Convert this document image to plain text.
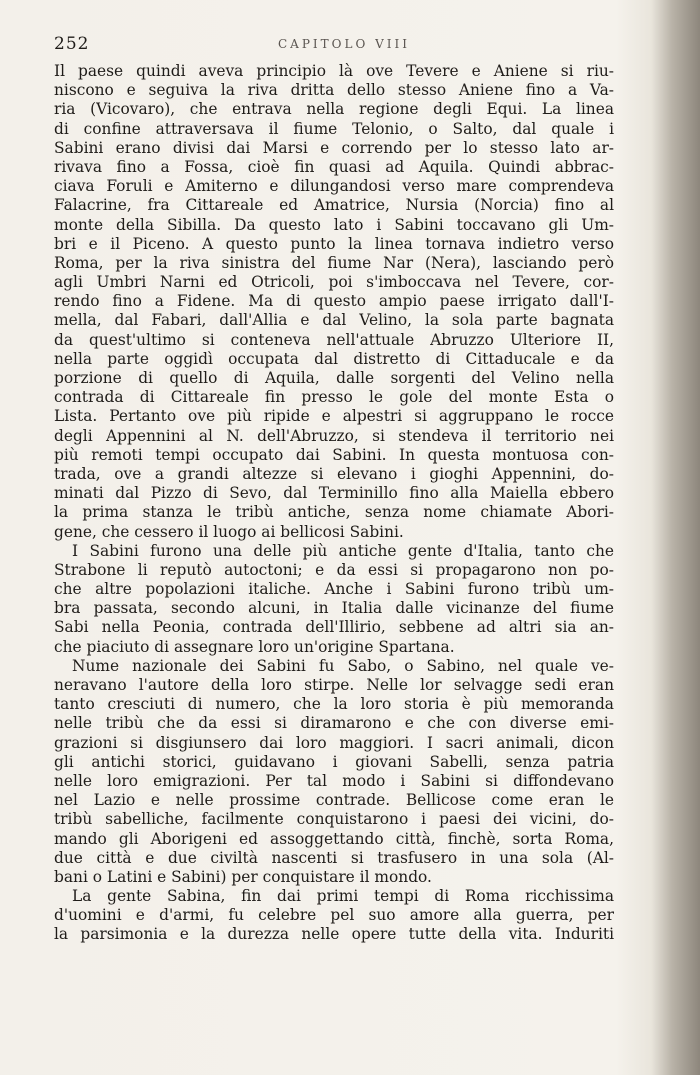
252	CAPITOLO VIII
Il paese quindi aveva principio là ove Tevere e Aniene si riu-
niscono e seguiva la riva dritta dello stesso Aniene fino a Va-
ria (Vicovaro), che entrava nella regione degli Equi. La linea
di confine attraversava il fiume Telonio, o Salto, dal quale i
Sabini erano divisi dai Marsi e correndo per lo stesso lato ar-
rivava fino a Fossa, cioè fin quasi ad Aquila. Quindi abbrac-
ciava Foruli e Amiterno e dilungandosi verso mare comprendeva
Falacrine, fra Cittareale ed Amatrice, Nursia (Norcia) fino al
monte della Sibilla. Da questo lato i Sabini toccavano gli Um-
bri e il Piceno. A questo punto la linea tornava indietro verso
Roma, per la riva sinistra del fiume Nar (Nera), lasciando però
agli Umbri Narni ed Otricoli, poi s'imboccava nel Tevere, cor-
rendo fino a Fidene. Ma di questo ampio paese irrigato dall'I-
mella, dal Fabari, dall'Allia e dal Velino, la sola parte bagnata
da quest'ultimo si conteneva nell'attuale Abruzzo Ulteriore II,
nella parte oggidì occupata dal distretto di Cittaducale e da
porzione di quello di Aquila, dalle sorgenti del Velino nella
contrada di Cittareale fin presso le gole del monte Esta o
Lista. Pertanto ove più ripide e alpestri si aggruppano le rocce
degli Appennini al N. dell'Abruzzo, si stendeva il territorio nei
più remoti tempi occupato dai Sabini. In questa montuosa con-
trada, ove a grandi altezze si elevano i gioghi Appennini, do-
minati dal Pizzo di Sevo, dal Terminillo fino alla Maiella ebbero
la prima stanza le tribù antiche, senza nome chiamate Abori-
gene, che cessero il luogo ai bellicosi Sabini.
I Sabini furono una delle più antiche gente d'Italia, tanto che
Strabone li reputò autoctoni; e da essi si propagarono non po-
che altre popolazioni italiche. Anche i Sabini furono tribù um-
bra passata, secondo alcuni, in Italia dalle vicinanze del fiume
Sabi nella Peonia, contrada dell'Illirio, sebbene ad altri sia an-
che piaciuto di assegnare loro un'origine Spartana.
Nume nazionale dei Sabini fu Sabo, o Sabino, nel quale ve-
neravano l'autore della loro stirpe. Nelle lor selvagge sedi eran
tanto cresciuti di numero, che la loro storia è più memoranda
nelle tribù che da essi si diramarono e che con diverse emi-
grazioni si disgiunsero dai loro maggiori. I sacri animali, dicon
gli antichi storici, guidavano i giovani Sabelli, senza patria
nelle loro emigrazioni. Per tal modo i Sabini si diffondevano
nel Lazio e nelle prossime contrade. Bellicose come eran le
tribù sabelliche, facilmente conquistarono i paesi dei vicini, do-
mando gli Aborigeni ed assoggettando città, finchè, sorta Roma,
due città e due civiltà nascenti si trasfusero in una sola (Al-
bani o Latini e Sabini) per conquistare il mondo.
La gente Sabina, fin dai primi tempi di Roma ricchissima
d'uomini e d'armi, fu celebre pel suo amore alla guerra, per
la parsimonia e la durezza nelle opere tutte della vita. Induriti
